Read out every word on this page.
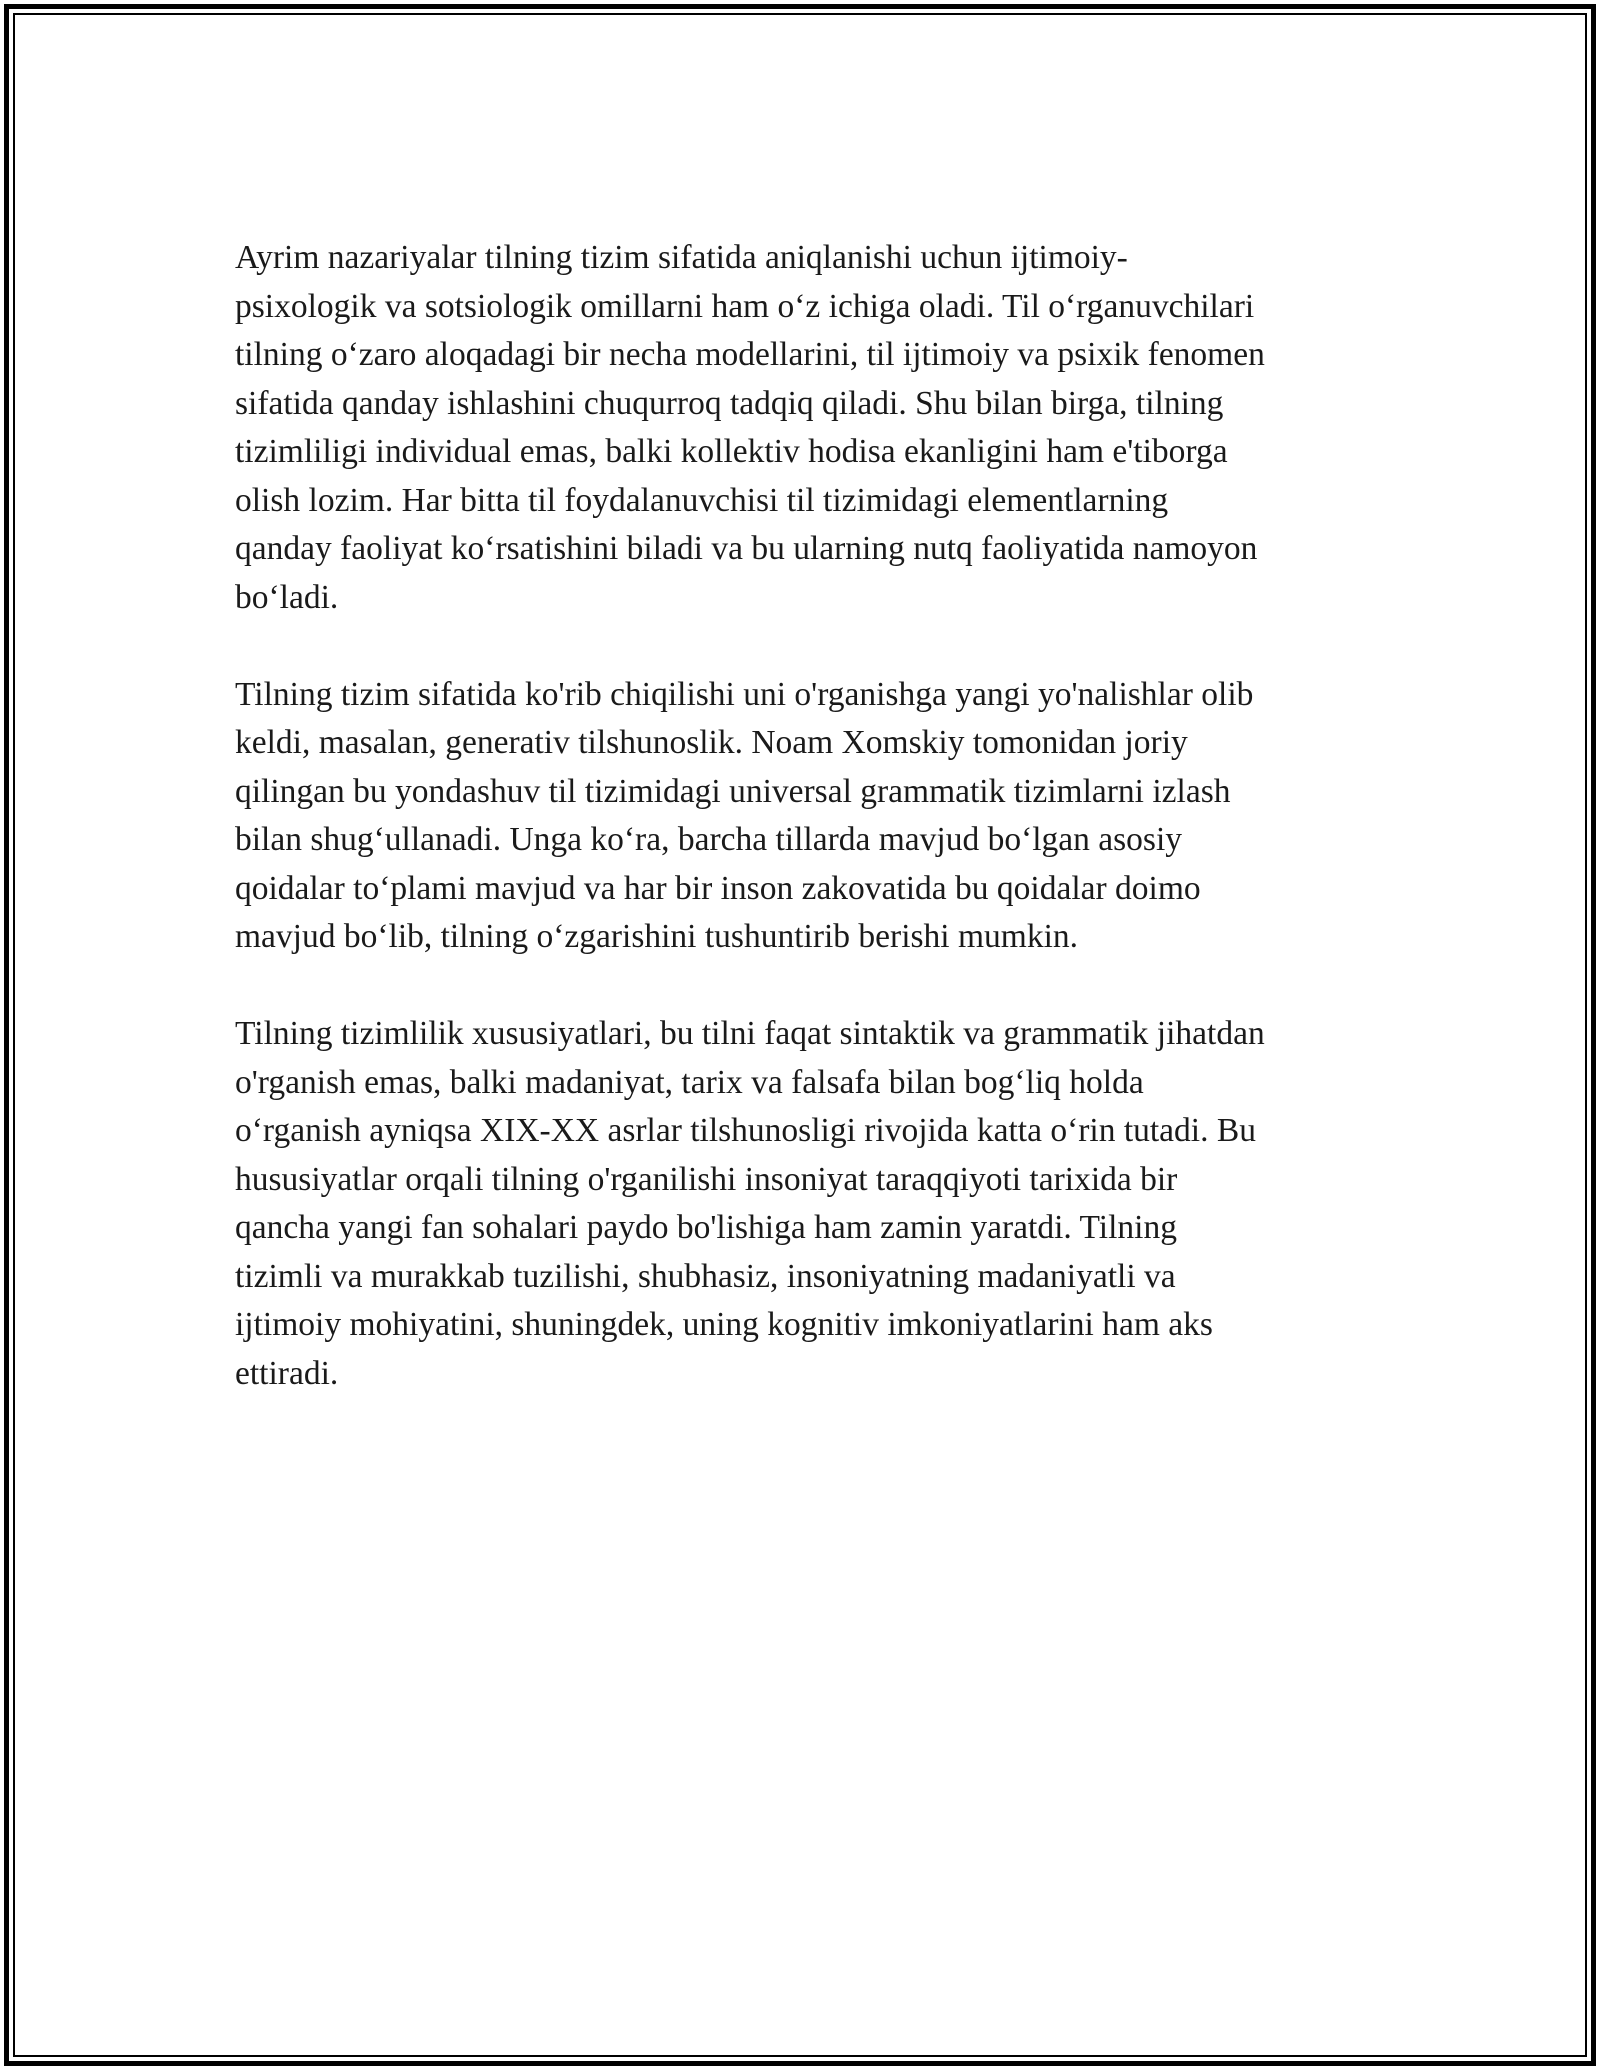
Ayrim nazariyalar tilning tizim sifatida aniqlanishi uchun ijtimoiy-
psixologik va sotsiologik omillarni ham o‘z ichiga oladi. Til o‘rganuvchilari
tilning o‘zaro aloqadagi bir necha modellarini, til ijtimoiy va psixik fenomen
sifatida qanday ishlashini chuqurroq tadqiq qiladi. Shu bilan birga, tilning
tizimliligi individual emas, balki kollektiv hodisa ekanligini ham e'tiborga
olish lozim. Har bitta til foydalanuvchisi til tizimidagi elementlarning
qanday faoliyat ko‘rsatishini biladi va bu ularning nutq faoliyatida namoyon
bo‘ladi.

Tilning tizim sifatida ko'rib chiqilishi uni o'rganishga yangi yo'nalishlar olib
keldi, masalan, generativ tilshunoslik. Noam Xomskiy tomonidan joriy
qilingan bu yondashuv til tizimidagi universal grammatik tizimlarni izlash
bilan shug‘ullanadi. Unga ko‘ra, barcha tillarda mavjud bo‘lgan asosiy
qoidalar to‘plami mavjud va har bir inson zakovatida bu qoidalar doimo
mavjud bo‘lib, tilning o‘zgarishini tushuntirib berishi mumkin.

Tilning tizimlilik xususiyatlari, bu tilni faqat sintaktik va grammatik jihatdan
o'rganish emas, balki madaniyat, tarix va falsafa bilan bog‘liq holda
o‘rganish ayniqsa XIX-XX asrlar tilshunosligi rivojida katta o‘rin tutadi. Bu
hususiyatlar orqali tilning o'rganilishi insoniyat taraqqiyoti tarixida bir
qancha yangi fan sohalari paydo bo'lishiga ham zamin yaratdi. Tilning
tizimli va murakkab tuzilishi, shubhasiz, insoniyatning madaniyatli va
ijtimoiy mohiyatini, shuningdek, uning kognitiv imkoniyatlarini ham aks
ettiradi.
